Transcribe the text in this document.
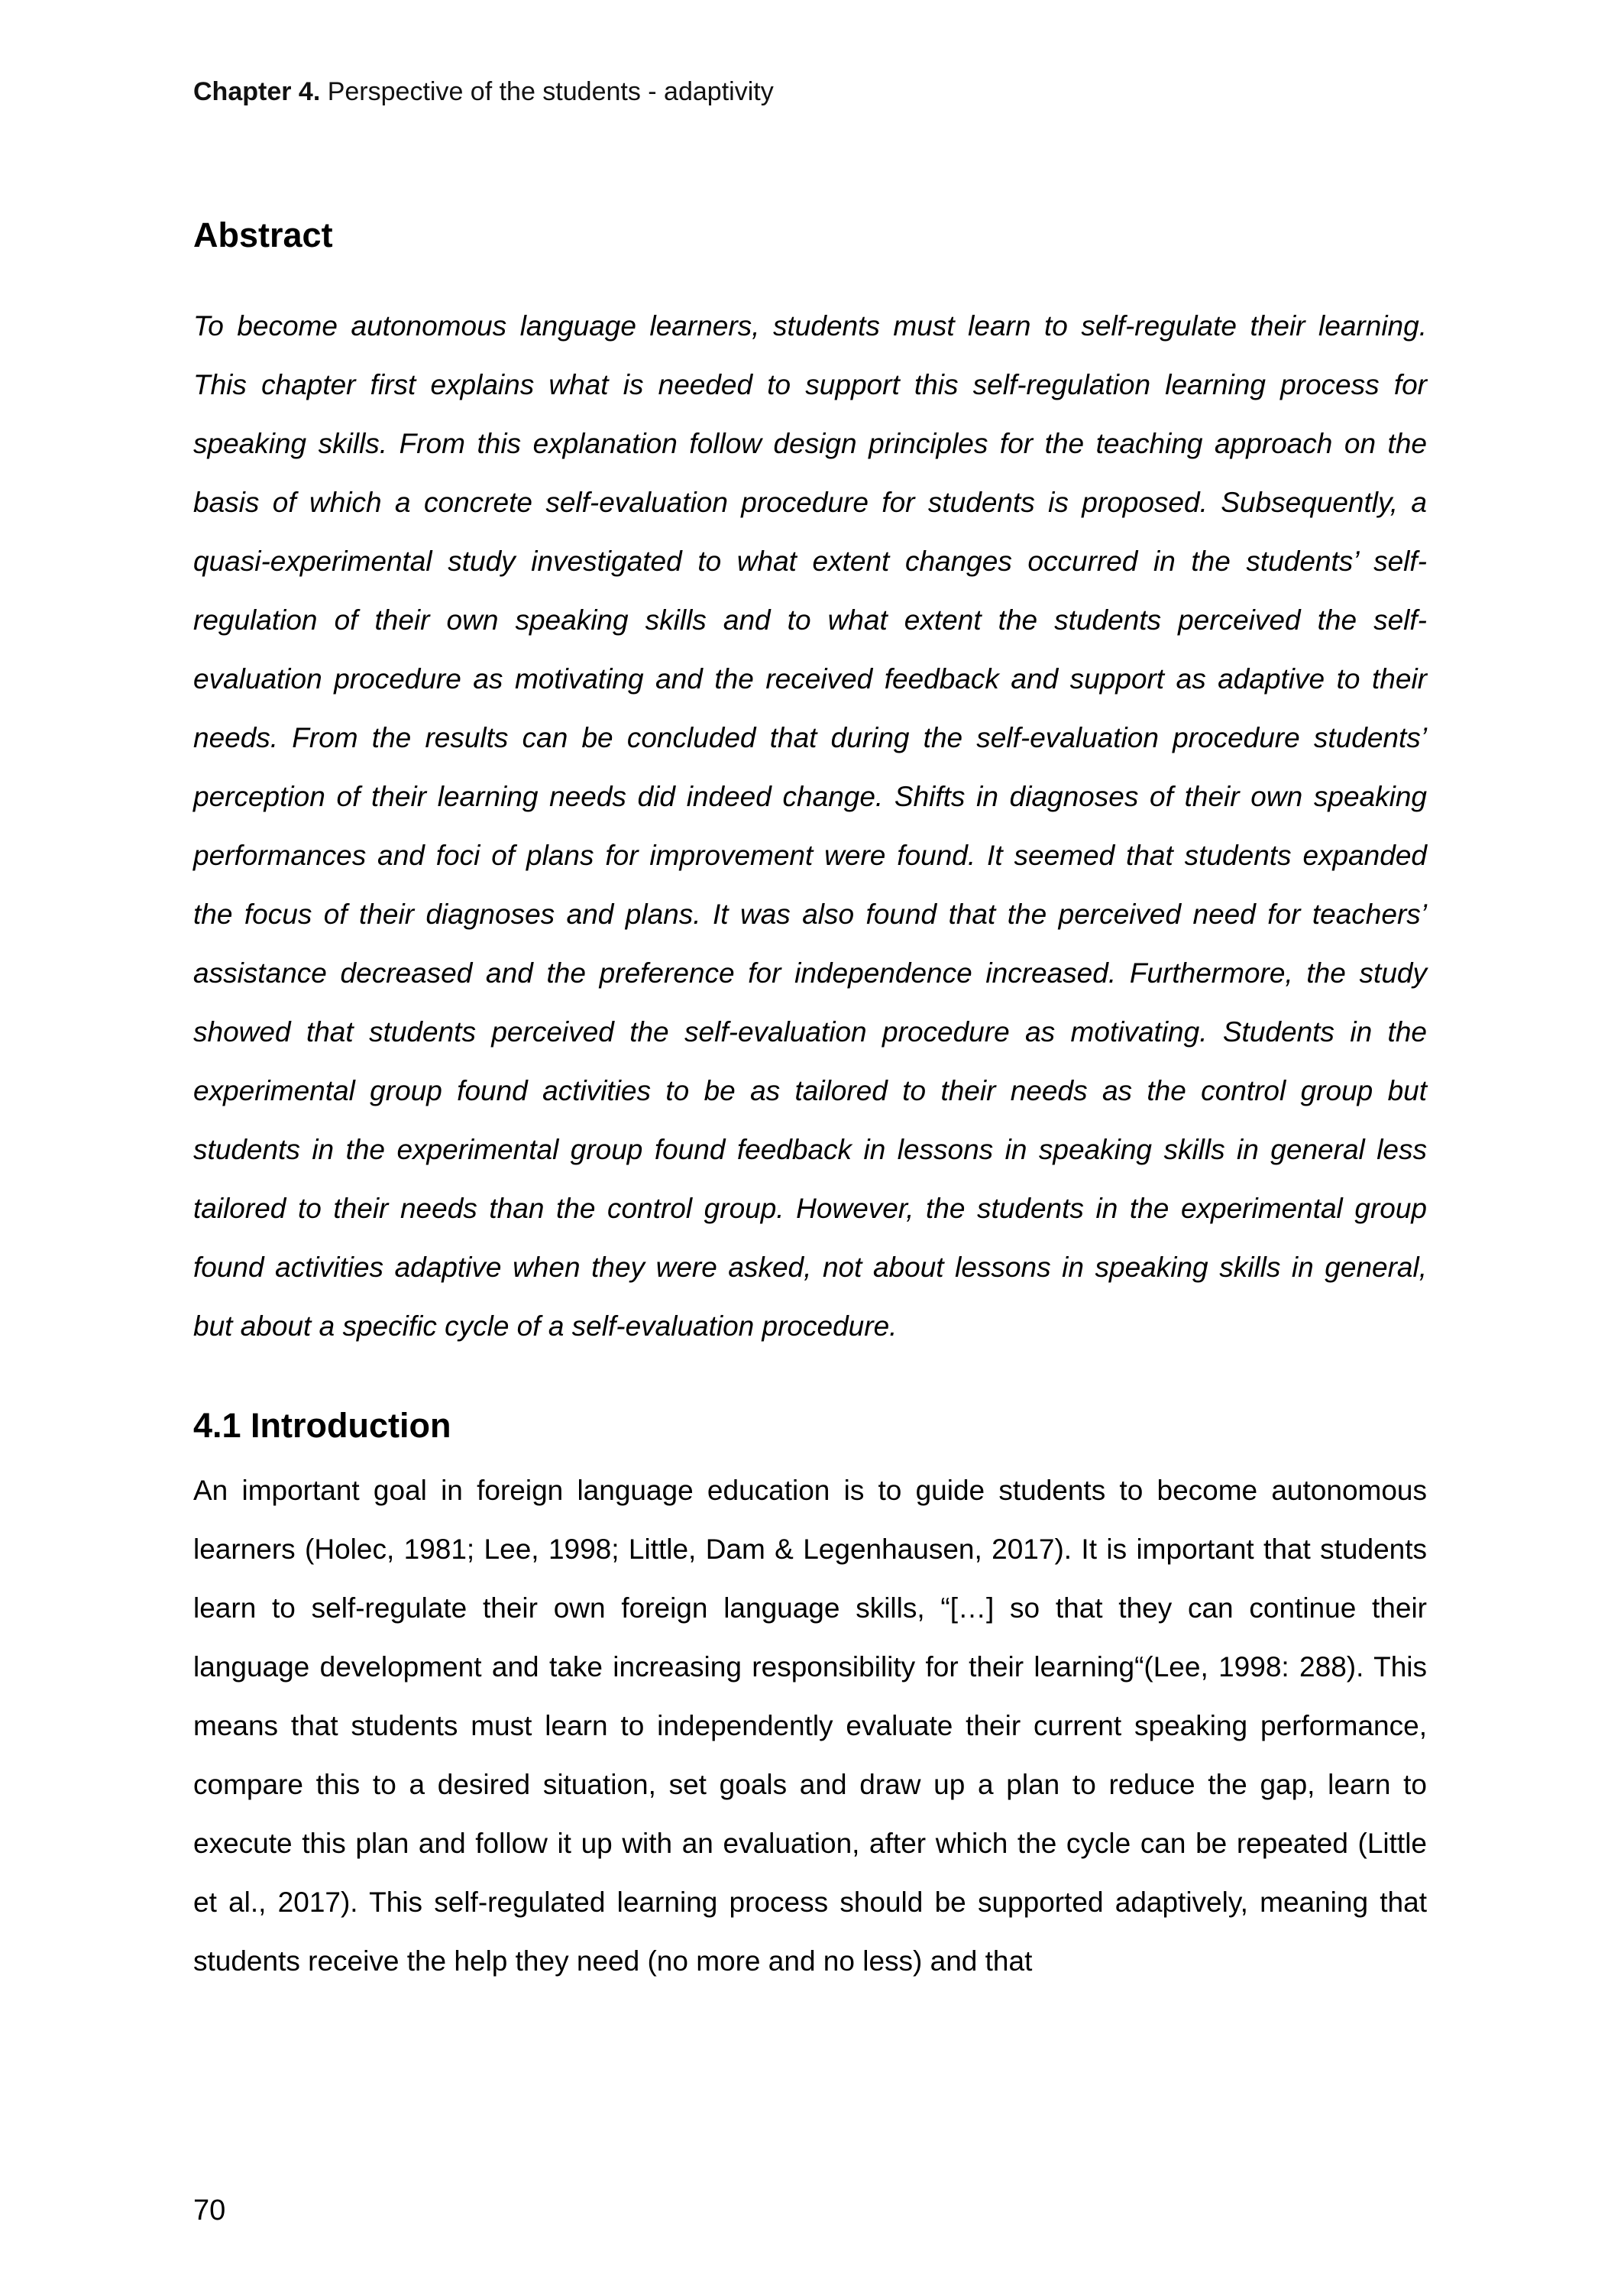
Chapter 4. Perspective of the students - adaptivity
Abstract

To become autonomous language learners, students must learn to self-regulate their learning. This chapter first explains what is needed to support this self-regulation learning process for speaking skills. From this explanation follow design principles for the teaching approach on the basis of which a concrete self-evaluation procedure for students is proposed. Subsequently, a quasi-experimental study investigated to what extent changes occurred in the students’ self-regulation of their own speaking skills and to what extent the students perceived the self-evaluation procedure as motivating and the received feedback and support as adaptive to their needs. From the results can be concluded that during the self-evaluation procedure students’ perception of their learning needs did indeed change. Shifts in diagnoses of their own speaking performances and foci of plans for improvement were found. It seemed that students expanded the focus of their diagnoses and plans. It was also found that the perceived need for teachers’ assistance decreased and the preference for independence increased. Furthermore, the study showed that students perceived the self-evaluation procedure as motivating. Students in the experimental group found activities to be as tailored to their needs as the control group but students in the experimental group found feedback in lessons in speaking skills in general less tailored to their needs than the control group. However, the students in the experimental group found activities adaptive when they were asked, not about lessons in speaking skills in general, but about a specific cycle of a self-evaluation procedure.

4.1 Introduction

An important goal in foreign language education is to guide students to become autonomous learners (Holec, 1981; Lee, 1998; Little, Dam & Legenhausen, 2017). It is important that students learn to self-regulate their own foreign language skills, “[…] so that they can continue their language development and take increasing responsibility for their learning“(Lee, 1998: 288). This means that students must learn to independently evaluate their current speaking performance, compare this to a desired situation, set goals and draw up a plan to reduce the gap, learn to execute this plan and follow it up with an evaluation, after which the cycle can be repeated (Little et al., 2017). This self-regulated learning process should be supported adaptively, meaning that students receive the help they need (no more and no less) and that

70
